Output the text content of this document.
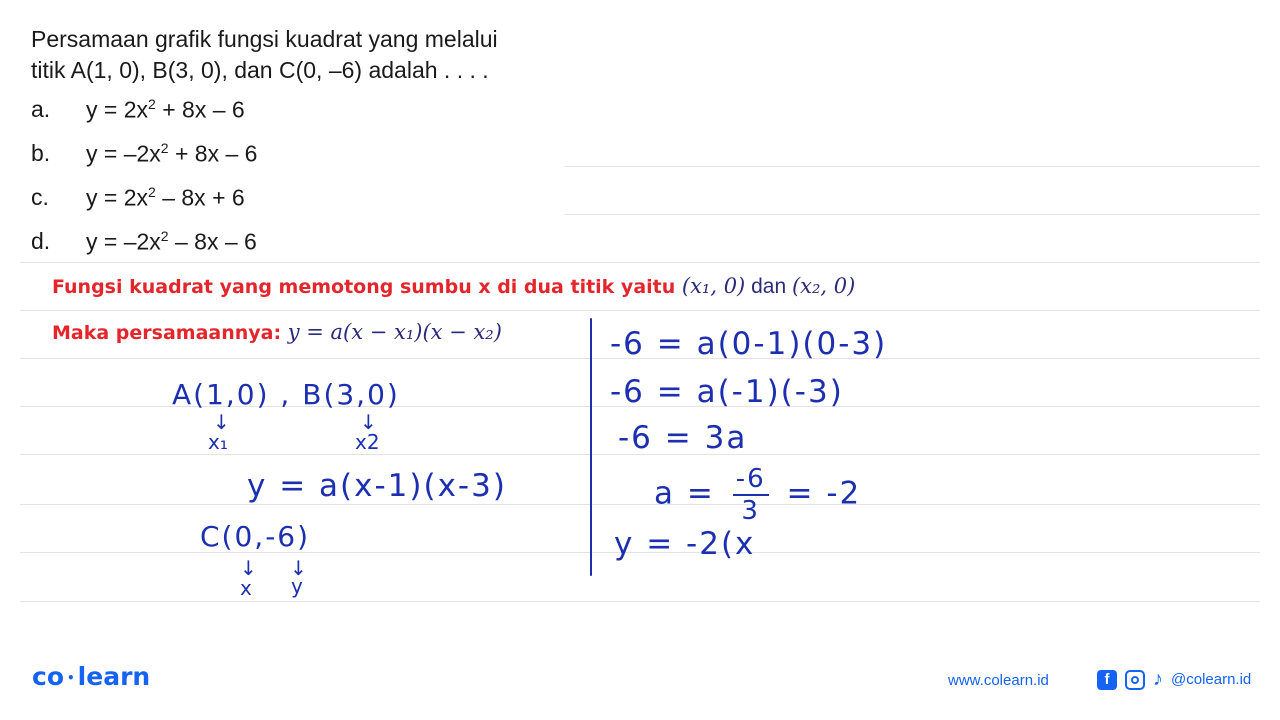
Persamaan grafik fungsi kuadrat yang melalui
titik A(1, 0), B(3, 0), dan C(0, –6) adalah . . . .
a.	$y = 2x^2 + 8x - 6$
b.	$y = -2x^2 + 8x - 6$
c.	$y = 2x^2 - 8x + 6$
d.	$y = -2x^2 - 8x - 6$
Fungsi kuadrat yang memotong sumbu x di dua titik yaitu (x₁, 0) dan (x₂, 0)
Maka persamaannya: y = a(x − x₁)(x − x₂)
A(1,0) , B(3,0)
↓
x₁
↓
x2
y = a(x-1)(x-3)
C(0,-6)
↓
x
↓
y
-6 = a(0-1)(0-3)
-6 = a(-1)(-3)
-6 = 3a
$a = \frac{-6}{3} = -2$
y = -2(x
co • learn	www.colearn.id	f	♪ @colearn.id
